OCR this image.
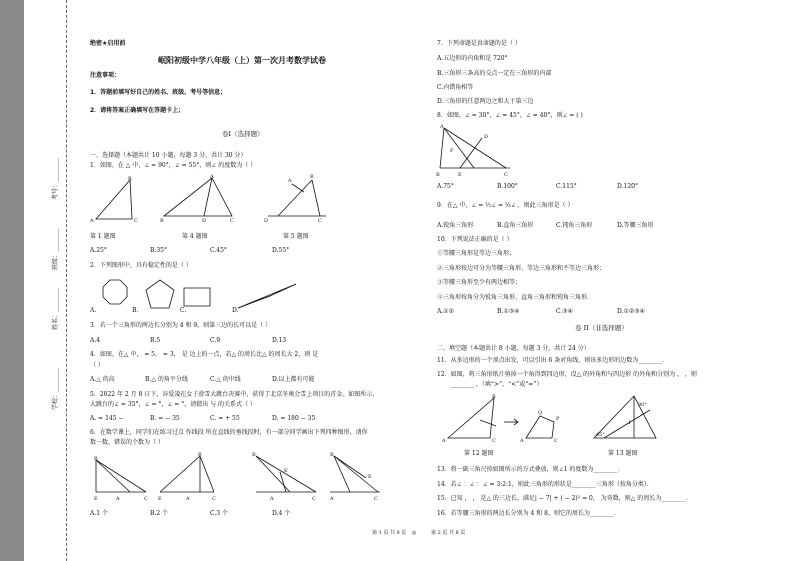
学校：________
姓名：________
班级：________
考号：________
绝密★启用前
岷阳初级中学八年级（上）第一次月考数学试卷
注意事项：
1．答题前填写好自己的姓名、班级、考号等信息；
2．请将答案正确填写在答题卡上；
卷I（选择题）
一、选择题（本题共计 10 小题，每题 3 分，共计 30 分）
1．如图，在 △ 中，∠ = 90°，∠ = 55°，则∠ 的度数为（ ）
A
B
C	B
A
D	C	D
A
B
C
第 1 题图	第 4 题图	第 5 题图
A.25°	B.35°	C.45°	D.55°
2．下列图形中，具有稳定性的是（ ）
A.	B.	C.	D.
3．若一个三角形的两边长分别为 4 和 9，则第三边的长可以是（ ）
A.4	B.5	C.9	D.13
4．如图，在△ 中， = 5， = 3， 是 边上的一点，若△ 的周长比△ 的周长大 2，则 是
（ ）
A.△ 的高	B.△ 的角平分线	C.△ 的中线	D.以上都有可能
5．2022 年 2 月 8 日下，谷爱凌在女子滑雪大跳台决赛中，获得了北京冬奥会雪上项目的首金。如图所示，
大跳台的∠ = 35°，∠ = °，∠ = °，请猜出 与 的关系式（ ）
A. = 145 −	B. = − 35	C. = + 55	D. = 180 − 35
6．在数学课上，同学们在练习过点 作线段 所在直线的垂线段时，有一部分同学画出下列四种图形，请你
数一数，错误的个数为（ ）
B
E	A	C
B
E	A	C
B
E
A	C
B
E
A	C
A.1 个	B.2 个	C.3 个	D.4 个
7．下列命题是真命题的是（ ）
A.五边形的内角和是 720°
B.三角形三条高的交点一定在三角形的内部
C.内错角相等
D.三角形的任意两边之和大于第三边
8．如图，∠ = 30°，∠ = 45°，∠ = 40°，则∠ = ( )
A
F
B	E	C
D
A.75°	B.100°	C.115°	D.120°
9．在△ 中，∠ = ½∠ = ⅓∠ ，则此三角形是（ ）
A.锐角三角形	B.直角三角形	C.钝角三角形	D.等腰三角形
10．下列说法正确的是（ ）
①等腰三角形是等边三角形；
②三角形按边可分为等腰三角形、等边三角形和不等边三角形；
③等腰三角形至少有两边相等；
④三角形按角分为锐角三角形、直角三角形和钝角三角形．
A.①②	B.①③④	C.③④	D.①②③④
卷 II（非选择题）
二、填空题（本题共计 8 小题，每题 3 分，共计 24 分）
11．从多边形的一个顶点出发，可以引出 6 条对角线，则该多边形的边数为________．
12．如图，将三角形纸片剪掉一个角得到四边形，设△ 的外角和与四边形 的外角和分别为 ， ，则
________ ，（填“>”、“<”或“=”）
A
B
C	A
Q
P
C
30°
45°
1
第 12 题图	第 13 题图
13．将一副三角尺按如图所示的方式叠放，则∠1 的度数为________．
14．若∠ ：∠ ：∠ = 3:2:1，则此三角形的形状是________三角形（按角分类）．
15．已知 ， ， 是△ 的三边长，满足| − 7| + ( − 2)² = 0， 为奇数，则△ 的周长为________．
16．若等腰三角形的两边长分别为 4 和 8，则它的周长为________．
第 1 页 共 8 页 ◎	第 2 页 共 8 页
